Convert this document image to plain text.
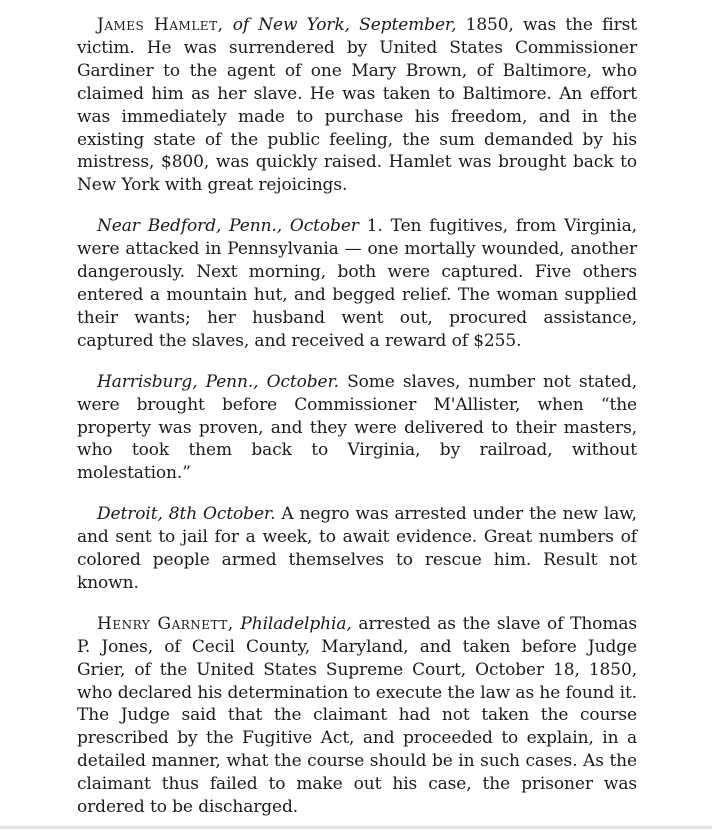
James Hamlet, of New York, September, 1850, was the first victim. He was surrendered by United States Commissioner Gardiner to the agent of one Mary Brown, of Baltimore, who claimed him as her slave. He was taken to Baltimore. An effort was immediately made to purchase his freedom, and in the existing state of the public feeling, the sum demanded by his mistress, $800, was quickly raised. Hamlet was brought back to New York with great rejoicings.

Near Bedford, Penn., October 1. Ten fugitives, from Virginia, were attacked in Pennsylvania — one mortally wounded, another dangerously. Next morning, both were captured. Five others entered a mountain hut, and begged relief. The woman supplied their wants; her husband went out, procured assistance, captured the slaves, and received a reward of $255.

Harrisburg, Penn., October. Some slaves, number not stated, were brought before Commissioner M'Allister, when “the property was proven, and they were delivered to their masters, who took them back to Virginia, by railroad, without molestation.”

Detroit, 8th October. A negro was arrested under the new law, and sent to jail for a week, to await evidence. Great numbers of colored people armed themselves to rescue him. Result not known.

Henry Garnett, Philadelphia, arrested as the slave of Thomas P. Jones, of Cecil County, Maryland, and taken before Judge Grier, of the United States Supreme Court, October 18, 1850, who declared his determination to execute the law as he found it. The Judge said that the claimant had not taken the course prescribed by the Fugitive Act, and proceeded to explain, in a detailed manner, what the course should be in such cases. As the claimant thus failed to make out his case, the prisoner was ordered to be discharged.
